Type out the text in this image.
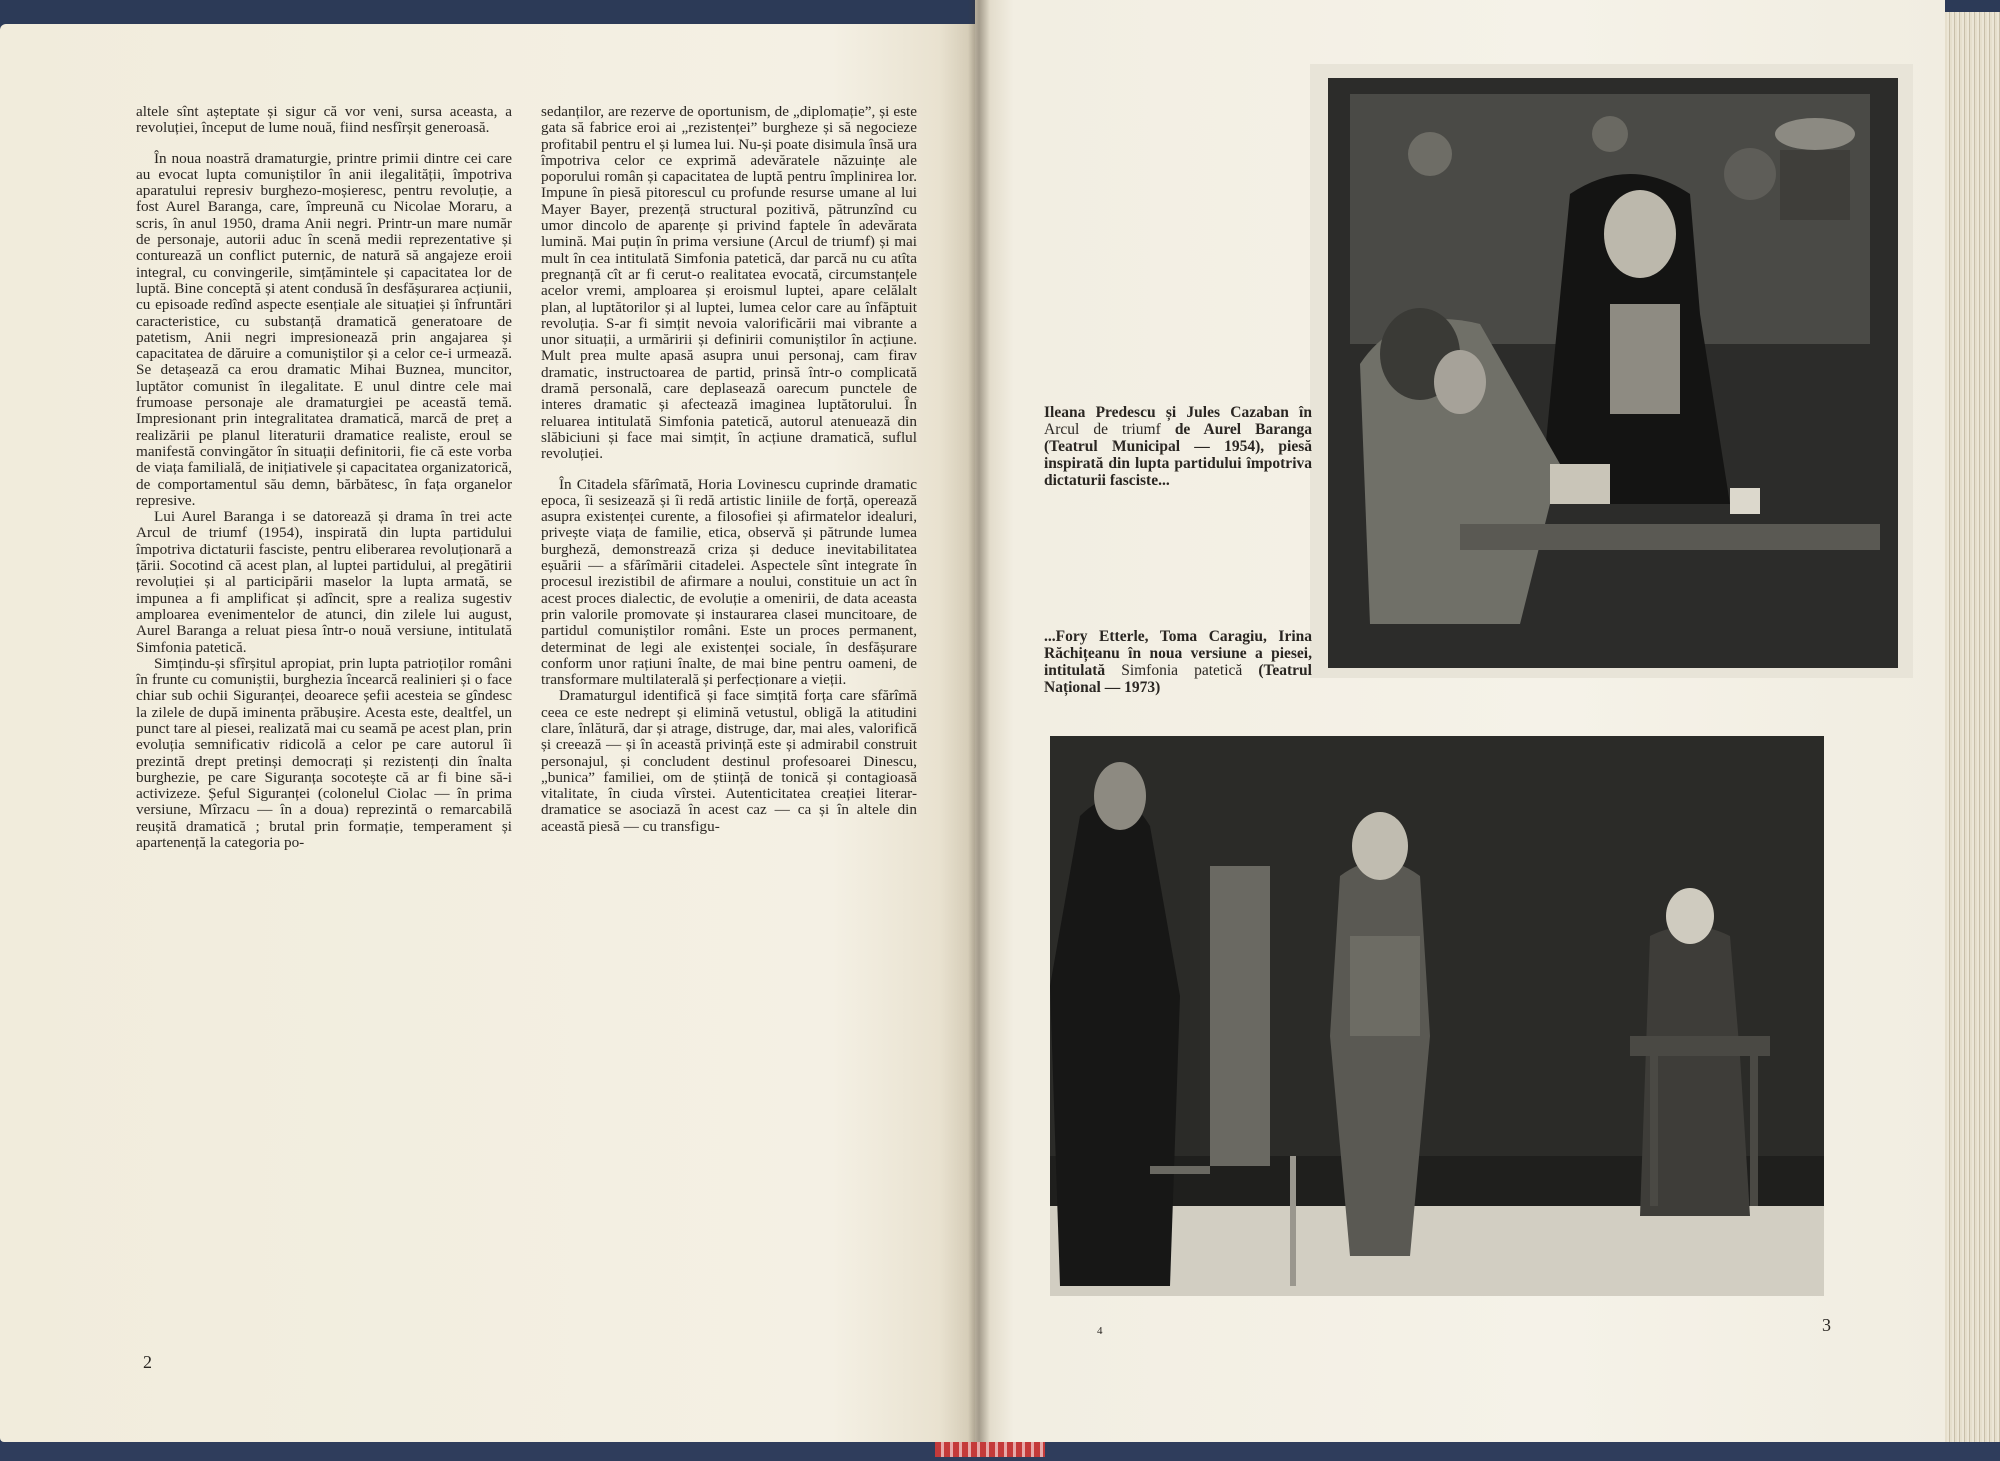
altele sînt așteptate și sigur că vor veni, sursa aceasta, a revoluției, început de lume nouă, fiind nesfîrșit generoasă.

În noua noastră dramaturgie, printre primii dintre cei care au evocat lupta comuniștilor în anii ilegalității, împotriva aparatului represiv burghezo-moșieresc, pentru revoluție, a fost Aurel Baranga, care, împreună cu Nicolae Moraru, a scris, în anul 1950, drama Anii negri. Printr-un mare număr de personaje, autorii aduc în scenă medii reprezentative și conturează un conflict puternic, de natură să angajeze eroii integral, cu convingerile, simțămintele și capacitatea lor de luptă. Bine conceptă și atent condusă în desfășurarea acțiunii, cu episoade redînd aspecte esențiale ale situației și înfruntări caracteristice, cu substanță dramatică generatoare de patetism, Anii negri impresionează prin angajarea și capacitatea de dăruire a comuniștilor și a celor ce-i urmează. Se detașează ca erou dramatic Mihai Buznea, muncitor, luptător comunist în ilegalitate. E unul dintre cele mai frumoase personaje ale dramaturgiei pe această temă. Impresionant prin integralitatea dramatică, marcă de preț a realizării pe planul literaturii dramatice realiste, eroul se manifestă convingător în situații definitorii, fie că este vorba de viața familială, de inițiativele și capacitatea organizatorică, de comportamentul său demn, bărbătesc, în fața organelor represive.

Lui Aurel Baranga i se datorează și drama în trei acte Arcul de triumf (1954), inspirată din lupta partidului împotriva dictaturii fasciste, pentru eliberarea revoluționară a țării. Socotind că acest plan, al luptei partidului, al pregătirii revoluției și al participării maselor la lupta armată, se impunea a fi amplificat și adîncit, spre a realiza sugestiv amploarea evenimentelor de atunci, din zilele lui august, Aurel Baranga a reluat piesa într-o nouă versiune, intitulată Simfonia patetică.

Simțindu-și sfîrșitul apropiat, prin lupta patrioților români în frunte cu comuniștii, burghezia încearcă realinieri și o face chiar sub ochii Siguranței, deoarece șefii acesteia se gîndesc la zilele de după iminenta prăbușire. Acesta este, dealtfel, un punct tare al piesei, realizată mai cu seamă pe acest plan, prin evoluția semnificativ ridicolă a celor pe care autorul îi prezintă drept pretinși democrați și rezistenți din înalta burghezie, pe care Siguranța socotește că ar fi bine să-i activizeze. Șeful Siguranței (colonelul Ciolac — în prima versiune, Mîrzacu — în a doua) reprezintă o remarcabilă reușită dramatică ; brutal prin formație, temperament și apartenență la categoria po-

sedanților, are rezerve de oportunism, de „diplomație”, și este gata să fabrice eroi ai „rezistenței” burgheze și să negocieze profitabil pentru el și lumea lui. Nu-și poate disimula însă ura împotriva celor ce exprimă adevăratele năzuințe ale poporului român și capacitatea de luptă pentru împlinirea lor. Impune în piesă pitorescul cu profunde resurse umane al lui Mayer Bayer, prezență structural pozitivă, pătrunzînd cu umor dincolo de aparențe și privind faptele în adevărata lumină. Mai puțin în prima versiune (Arcul de triumf) și mai mult în cea intitulată Simfonia patetică, dar parcă nu cu atîta pregnanță cît ar fi cerut-o realitatea evocată, circumstanțele acelor vremi, amploarea și eroismul luptei, apare celălalt plan, al luptătorilor și al luptei, lumea celor care au înfăptuit revoluția. S-ar fi simțit nevoia valorificării mai vibrante a unor situații, a urmăririi și definirii comuniștilor în acțiune. Mult prea multe apasă asupra unui personaj, cam firav dramatic, instructoarea de partid, prinsă într-o complicată dramă personală, care deplasează oarecum punctele de interes dramatic și afectează imaginea luptătorului. În reluarea intitulată Simfonia patetică, autorul atenuează din slăbiciuni și face mai simțit, în acțiune dramatică, suflul revoluției.

În Citadela sfărîmată, Horia Lovinescu cuprinde dramatic epoca, îi sesizează și îi redă artistic liniile de forță, operează asupra existenței curente, a filosofiei și afirmatelor idealuri, privește viața de familie, etica, observă și pătrunde lumea burgheză, demonstrează criza și deduce inevitabilitatea eșuării — a sfărîmării citadelei. Aspectele sînt integrate în procesul irezistibil de afirmare a noului, constituie un act în acest proces dialectic, de evoluție a omenirii, de data aceasta prin valorile promovate și instaurarea clasei muncitoare, de partidul comuniștilor români. Este un proces permanent, determinat de legi ale existenței sociale, în desfășurare conform unor rațiuni înalte, de mai bine pentru oameni, de transformare multilaterală și perfecționare a vieții.

Dramaturgul identifică și face simțită forța care sfărîmă ceea ce este nedrept și elimină vetustul, obligă la atitudini clare, înlătură, dar și atrage, distruge, dar, mai ales, valorifică și creează — și în această privință este și admirabil construit personajul, și concludent destinul profesoarei Dinescu, „bunica” familiei, om de știință de tonică și contagioasă vitalitate, în ciuda vîrstei. Autenticitatea creației literar-dramatice se asociază în acest caz — ca și în altele din această piesă — cu transfigu-

2
Ileana Predescu și Jules Cazaban în Arcul de triumf de Aurel Baranga (Teatrul Municipal — 1954), piesă inspirată din lupta partidului împotriva dictaturii fasciste...
...Fory Etterle, Toma Caragiu, Irina Răchițeanu în noua versiune a piesei, intitulată Simfonia patetică (Teatrul Național — 1973)
4	3
